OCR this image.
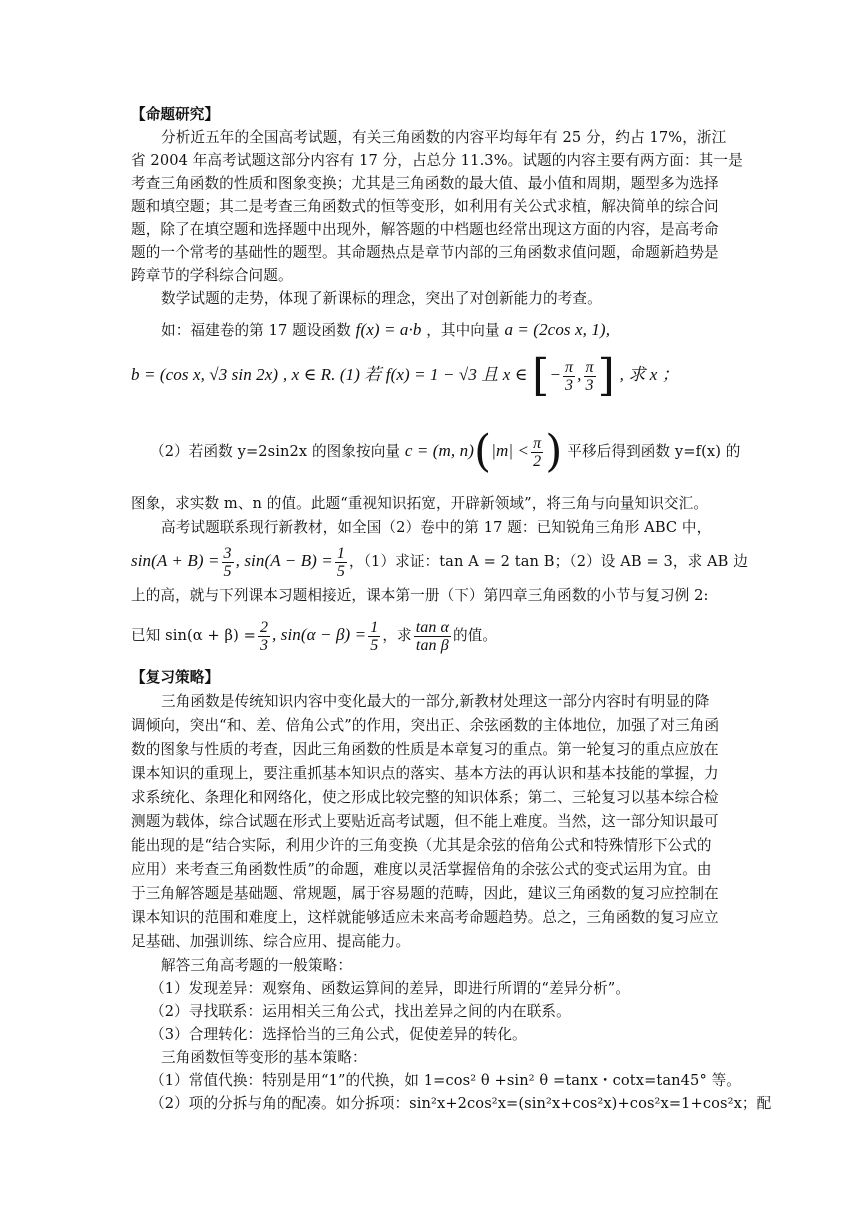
【命题研究】
分析近五年的全国高考试题，有关三角函数的内容平均每年有 25 分，约占 17%，浙江
省 2004 年高考试题这部分内容有 17 分，占总分 11.3%。试题的内容主要有两方面：其一是
考查三角函数的性质和图象变换；尤其是三角函数的最大值、最小值和周期，题型多为选择
题和填空题；其二是考查三角函数式的恒等变形，如利用有关公式求植，解决简单的综合问
题，除了在填空题和选择题中出现外，解答题的中档题也经常出现这方面的内容，是高考命
题的一个常考的基础性的题型。其命题热点是章节内部的三角函数求值问题，命题新趋势是
跨章节的学科综合问题。
数学试题的走势，体现了新课标的理念，突出了对创新能力的考查。
如：福建卷的第 17 题设函数 f(x) = a·b ，其中向量 a = (2cos x, 1),
b = (cos x, √3 sin 2x) , x ∈ R. (1) 若 f(x) = 1 − √3 且 x ∈ [− $\frac{\pi}{3}$ , $\frac{\pi}{3}$ ] , 求 x ；
（2）若函数 y=2sin2x 的图象按向量 c = (m, $n)(|m| < \frac{\pi}{2}$ ) 平移后得到函数 y=f(x) 的
图象，求实数 m、n 的值。此题“重视知识拓宽，开辟新领域”，将三角与向量知识交汇。
高考试题联系现行新教材，如全国（2）卷中的第 17 题：已知锐角三角形 ABC 中，
$\sin(A + B) = \frac{3}{5}$ , $\sin(A - B) = \frac{1}{5}$ ，（1）求证：tan A = 2 tan B；（2）设 AB = 3，求 AB 边
上的高，就与下列课本习题相接近，课本第一册（下）第四章三角函数的小节与复习例 2:
已知 $\sin(\alpha + \beta) = \frac{2}{3}$ , $\sin(\alpha - \beta) = \frac{1}{5}$ ，求 $\frac{\text{tan α}}{\text{tan β}}$ 的值。
【复习策略】
三角函数是传统知识内容中变化最大的一部分,新教材处理这一部分内容时有明显的降
调倾向，突出“和、差、倍角公式”的作用，突出正、余弦函数的主体地位，加强了对三角函
数的图象与性质的考查，因此三角函数的性质是本章复习的重点。第一轮复习的重点应放在
课本知识的重现上，要注重抓基本知识点的落实、基本方法的再认识和基本技能的掌握，力
求系统化、条理化和网络化，使之形成比较完整的知识体系；第二、三轮复习以基本综合检
测题为载体，综合试题在形式上要贴近高考试题，但不能上难度。当然，这一部分知识最可
能出现的是“结合实际，利用少许的三角变换（尤其是余弦的倍角公式和特殊情形下公式的
应用）来考查三角函数性质”的命题，难度以灵活掌握倍角的余弦公式的变式运用为宜。由
于三角解答题是基础题、常规题，属于容易题的范畴，因此，建议三角函数的复习应控制在
课本知识的范围和难度上，这样就能够适应未来高考命题趋势。总之，三角函数的复习应立
足基础、加强训练、综合应用、提高能力。
解答三角高考题的一般策略：
（1）发现差异：观察角、函数运算间的差异，即进行所谓的“差异分析”。
（2）寻找联系：运用相关三角公式，找出差异之间的内在联系。
（3）合理转化：选择恰当的三角公式，促使差异的转化。
三角函数恒等变形的基本策略：
（1）常值代换：特别是用“1”的代换，如 1=cos² θ +sin² θ =tanx・cotx=tan45° 等。
（2）项的分拆与角的配凑。如分拆项：sin²x+2cos²x=(sin²x+cos²x)+cos²x=1+cos²x；配
